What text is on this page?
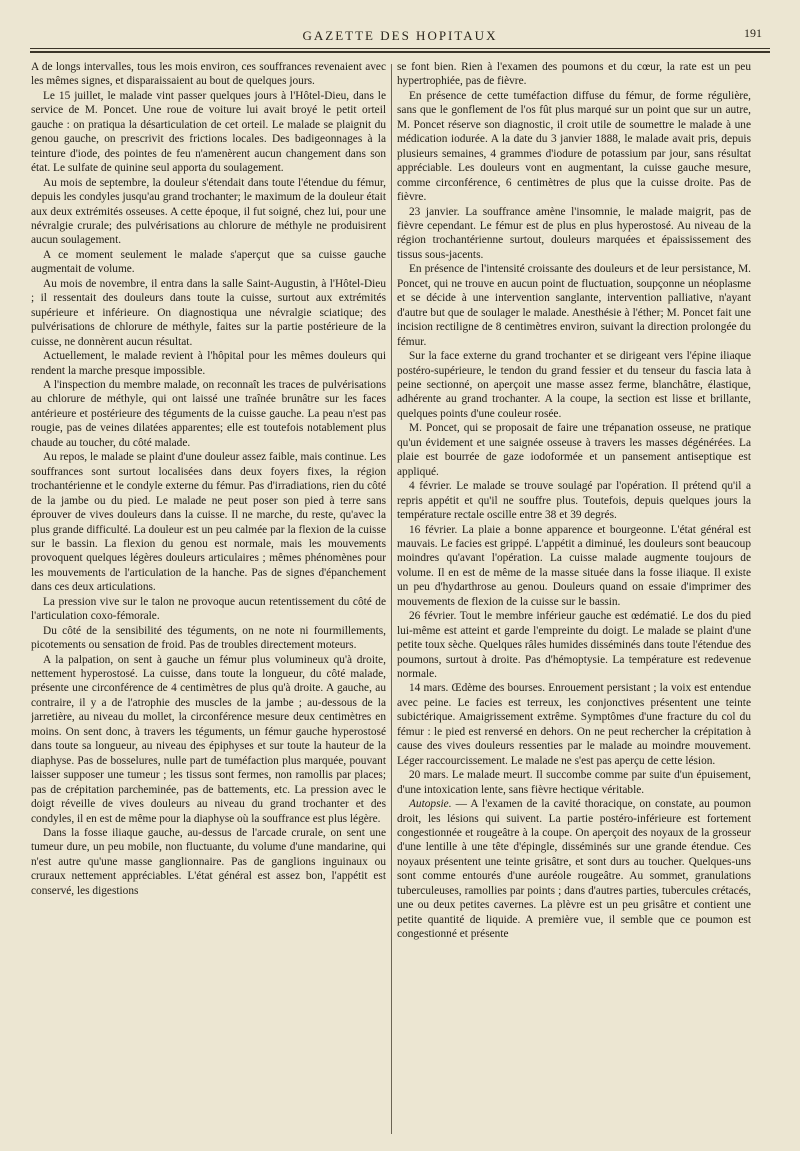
GAZETTE DES HOPITAUX	191

A de longs intervalles, tous les mois environ, ces souffrances revenaient avec les mêmes signes, et disparaissaient au bout de quelques jours.

Le 15 juillet, le malade vint passer quelques jours à l'Hôtel-Dieu, dans le service de M. Poncet. Une roue de voiture lui avait broyé le petit orteil gauche : on pratiqua la désarticulation de cet orteil. Le malade se plaignit du genou gauche, on prescrivit des frictions locales. Des badigeonnages à la teinture d'iode, des pointes de feu n'amenèrent aucun changement dans son état. Le sulfate de quinine seul apporta du soulagement.

Au mois de septembre, la douleur s'étendait dans toute l'étendue du fémur, depuis les condyles jusqu'au grand trochanter; le maximum de la douleur était aux deux extrémités osseuses. A cette époque, il fut soigné, chez lui, pour une névralgie crurale; des pulvérisations au chlorure de méthyle ne produisirent aucun soulagement.

A ce moment seulement le malade s'aperçut que sa cuisse gauche augmentait de volume.

Au mois de novembre, il entra dans la salle Saint-Augustin, à l'Hôtel-Dieu ; il ressentait des douleurs dans toute la cuisse, surtout aux extrémités supérieure et inférieure. On diagnostiqua une névralgie sciatique; des pulvérisations de chlorure de méthyle, faites sur la partie postérieure de la cuisse, ne donnèrent aucun résultat.

Actuellement, le malade revient à l'hôpital pour les mêmes douleurs qui rendent la marche presque impossible.

A l'inspection du membre malade, on reconnaît les traces de pulvérisations au chlorure de méthyle, qui ont laissé une traînée brunâtre sur les faces antérieure et postérieure des téguments de la cuisse gauche. La peau n'est pas rougie, pas de veines dilatées apparentes; elle est toutefois notablement plus chaude au toucher, du côté malade.

Au repos, le malade se plaint d'une douleur assez faible, mais continue. Les souffrances sont surtout localisées dans deux foyers fixes, la région trochantérienne et le condyle externe du fémur. Pas d'irradiations, rien du côté de la jambe ou du pied. Le malade ne peut poser son pied à terre sans éprouver de vives douleurs dans la cuisse. Il ne marche, du reste, qu'avec la plus grande difficulté. La douleur est un peu calmée par la flexion de la cuisse sur le bassin. La flexion du genou est normale, mais les mouvements provoquent quelques légères douleurs articulaires ; mêmes phénomènes pour les mouvements de l'articulation de la hanche. Pas de signes d'épanchement dans ces deux articulations.

La pression vive sur le talon ne provoque aucun retentissement du côté de l'articulation coxo-fémorale.

Du côté de la sensibilité des téguments, on ne note ni fourmillements, picotements ou sensation de froid. Pas de troubles directement moteurs.

A la palpation, on sent à gauche un fémur plus volumineux qu'à droite, nettement hyperostosé. La cuisse, dans toute la longueur, du côté malade, présente une circonférence de 4 centimètres de plus qu'à droite. A gauche, au contraire, il y a de l'atrophie des muscles de la jambe ; au-dessous de la jarretière, au niveau du mollet, la circonférence mesure deux centimètres en moins. On sent donc, à travers les téguments, un fémur gauche hyperostosé dans toute sa longueur, au niveau des épiphyses et sur toute la hauteur de la diaphyse. Pas de bosselures, nulle part de tuméfaction plus marquée, pouvant laisser supposer une tumeur ; les tissus sont fermes, non ramollis par places; pas de crépitation parcheminée, pas de battements, etc. La pression avec le doigt réveille de vives douleurs au niveau du grand trochanter et des condyles, il en est de même pour la diaphyse où la souffrance est plus légère.

Dans la fosse iliaque gauche, au-dessus de l'arcade crurale, on sent une tumeur dure, un peu mobile, non fluctuante, du volume d'une mandarine, qui n'est autre qu'une masse ganglionnaire. Pas de ganglions inguinaux ou cruraux nettement appréciables. L'état général est assez bon, l'appétit est conservé, les digestions

se font bien. Rien à l'examen des poumons et du cœur, la rate est un peu hypertrophiée, pas de fièvre.

En présence de cette tuméfaction diffuse du fémur, de forme régulière, sans que le gonflement de l'os fût plus marqué sur un point que sur un autre, M. Poncet réserve son diagnostic, il croit utile de soumettre le malade à une médication iodurée. A la date du 3 janvier 1888, le malade avait pris, depuis plusieurs semaines, 4 grammes d'iodure de potassium par jour, sans résultat appréciable. Les douleurs vont en augmentant, la cuisse gauche mesure, comme circonférence, 6 centimètres de plus que la cuisse droite. Pas de fièvre.

23 janvier. La souffrance amène l'insomnie, le malade maigrit, pas de fièvre cependant. Le fémur est de plus en plus hyperostosé. Au niveau de la région trochantérienne surtout, douleurs marquées et épaississement des tissus sous-jacents.

En présence de l'intensité croissante des douleurs et de leur persistance, M. Poncet, qui ne trouve en aucun point de fluctuation, soupçonne un néoplasme et se décide à une intervention sanglante, intervention palliative, n'ayant d'autre but que de soulager le malade. Anesthésie à l'éther; M. Poncet fait une incision rectiligne de 8 centimètres environ, suivant la direction prolongée du fémur.

Sur la face externe du grand trochanter et se dirigeant vers l'épine iliaque postéro-supérieure, le tendon du grand fessier et du tenseur du fascia lata à peine sectionné, on aperçoit une masse assez ferme, blanchâtre, élastique, adhérente au grand trochanter. A la coupe, la section est lisse et brillante, quelques points d'une couleur rosée.

M. Poncet, qui se proposait de faire une trépanation osseuse, ne pratique qu'un évidement et une saignée osseuse à travers les masses dégénérées. La plaie est bourrée de gaze iodoformée et un pansement antiseptique est appliqué.

4 février. Le malade se trouve soulagé par l'opération. Il prétend qu'il a repris appétit et qu'il ne souffre plus. Toutefois, depuis quelques jours la température rectale oscille entre 38 et 39 degrés.

16 février. La plaie a bonne apparence et bourgeonne. L'état général est mauvais. Le facies est grippé. L'appétit a diminué, les douleurs sont beaucoup moindres qu'avant l'opération. La cuisse malade augmente toujours de volume. Il en est de même de la masse située dans la fosse iliaque. Il existe un peu d'hydarthrose au genou. Douleurs quand on essaie d'imprimer des mouvements de flexion de la cuisse sur le bassin.

26 février. Tout le membre inférieur gauche est œdématié. Le dos du pied lui-même est atteint et garde l'empreinte du doigt. Le malade se plaint d'une petite toux sèche. Quelques râles humides disséminés dans toute l'étendue des poumons, surtout à droite. Pas d'hémoptysie. La température est redevenue normale.

14 mars. Œdème des bourses. Enrouement persistant ; la voix est entendue avec peine. Le facies est terreux, les conjonctives présentent une teinte subictérique. Amaigrissement extrême. Symptômes d'une fracture du col du fémur : le pied est renversé en dehors. On ne peut rechercher la crépitation à cause des vives douleurs ressenties par le malade au moindre mouvement. Léger raccourcissement. Le malade ne s'est pas aperçu de cette lésion.

20 mars. Le malade meurt. Il succombe comme par suite d'un épuisement, d'une intoxication lente, sans fièvre hectique véritable.

Autopsie. — A l'examen de la cavité thoracique, on constate, au poumon droit, les lésions qui suivent. La partie postéro-inférieure est fortement congestionnée et rougeâtre à la coupe. On aperçoit des noyaux de la grosseur d'une lentille à une tête d'épingle, disséminés sur une grande étendue. Ces noyaux présentent une teinte grisâtre, et sont durs au toucher. Quelques-uns sont comme entourés d'une auréole rougeâtre. Au sommet, granulations tuberculeuses, ramollies par points ; dans d'autres parties, tubercules crétacés, une ou deux petites cavernes. La plèvre est un peu grisâtre et contient une petite quantité de liquide. A première vue, il semble que ce poumon est congestionné et présente
